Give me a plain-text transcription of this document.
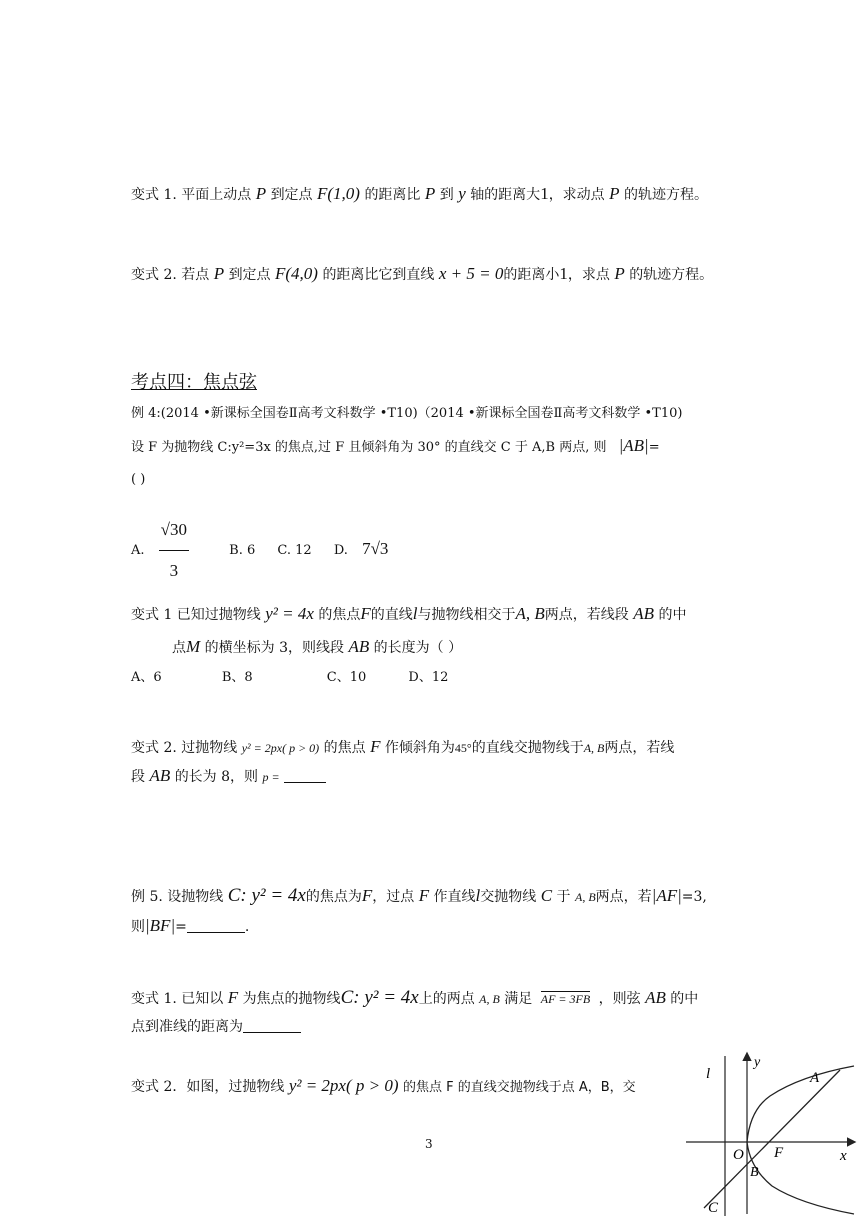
变式 1. 平面上动点 P 到定点 F(1,0) 的距离比 P 到 y 轴的距离大1，求动点 P 的轨迹方程。
变式 2. 若点 P 到定点 F(4,0) 的距离比它到直线 x + 5 = 0的距离小1，求点 P 的轨迹方程。
考点四：焦点弦
例 4:(2014 •新课标全国卷Ⅱ高考文科数学 •T10)（2014 •新课标全国卷Ⅱ高考文科数学 •T10)
设 F 为抛物线 C:y²=3x 的焦点,过 F 且倾斜角为 30° 的直线交 C 于 A,B 两点, 则 |AB|=
( )
A. $\frac{√30}{3}$	B. 6 C. 12 D. 7√3
变式 1 已知过抛物线 y² = 4x 的焦点F的直线l与抛物线相交于A, B两点，若线段 AB 的中
点M 的横坐标为 3，则线段 AB 的长度为（ ）
A、6	B、8	C、10	D、12
变式 2. 过抛物线 y² = 2px( p > 0) 的焦点 F 作倾斜角为45°的直线交抛物线于A, B两点，若线
段 AB 的长为 8，则 p =
例 5. 设抛物线 C: y² = 4x的焦点为F，过点 F 作直线l交抛物线 C 于 A, B两点，若|AF|=3,
则|BF|=	.
变式 1. 已知以 F 为焦点的抛物线C: y² = 4x上的两点 A, B 满足 AF = 3FB ，则弦 AB 的中
点到准线的距离为
变式 2．如图，过抛物线 y² = 2px( p > 0) 的焦点 F 的直线交抛物线于点 A，B，交
3
l
y
A
O F	x
B
C
